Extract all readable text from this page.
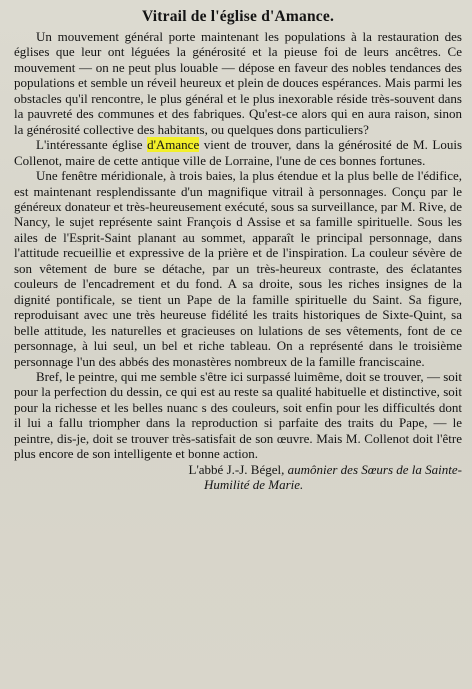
Vitrail de l'église d'Amance.

Un mouvement général porte maintenant les populations à la restauration des églises que leur ont léguées la générosité et la pieuse foi de leurs ancêtres. Ce mouvement — on ne peut plus louable — dépose en faveur des nobles tendances des populations et semble un réveil heureux et plein de douces espérances. Mais parmi les obstacles qu'il rencontre, le plus général et le plus inexorable réside très-souvent dans la pauvreté des communes et des fabriques. Qu'est-ce alors qui en aura raison, sinon la générosité collective des habitants, ou quelques dons particuliers?

L'intéressante église d'Amance vient de trouver, dans la générosité de M. Louis Collenot, maire de cette antique ville de Lorraine, l'une de ces bonnes fortunes.

Une fenêtre méridionale, à trois baies, la plus étendue et la plus belle de l'édifice, est maintenant resplendissante d'un magnifique vitrail à personnages. Conçu par le généreux donateur et très-heureusement exécuté, sous sa surveillance, par M. Rive, de Nancy, le sujet représente saint François d Assise et sa famille spirituelle. Sous les ailes de l'Esprit-Saint planant au sommet, apparaît le principal personnage, dans l'attitude recueillie et expressive de la prière et de l'inspiration. La couleur sévère de son vêtement de bure se détache, par un très-heureux contraste, des éclatantes couleurs de l'encadrement et du fond. A sa droite, sous les riches insignes de la dignité pontificale, se tient un Pape de la famille spirituelle du Saint. Sa figure, reproduisant avec une très heureuse fidélité les traits historiques de Sixte-Quint, sa belle attitude, les naturelles et gracieuses on lulations de ses vêtements, font de ce personnage, à lui seul, un bel et riche tableau. On a représenté dans le troisième personnage l'un des abbés des monastères nombreux de la famille franciscaine.

Bref, le peintre, qui me semble s'être ici surpassé luimême, doit se trouver, — soit pour la perfection du dessin, ce qui est au reste sa qualité habituelle et distinctive, soit pour la richesse et les belles nuanc s des couleurs, soit enfin pour les difficultés dont il lui a fallu triompher dans la reproduction si parfaite des traits du Pape, — le peintre, dis-je, doit se trouver très-satisfait de son œuvre. Mais M. Collenot doit l'être plus encore de son intelligente et bonne action.

L'abbé J.-J. Bégel, aumônier des Sœurs de la Sainte-

Humilité de Marie.
